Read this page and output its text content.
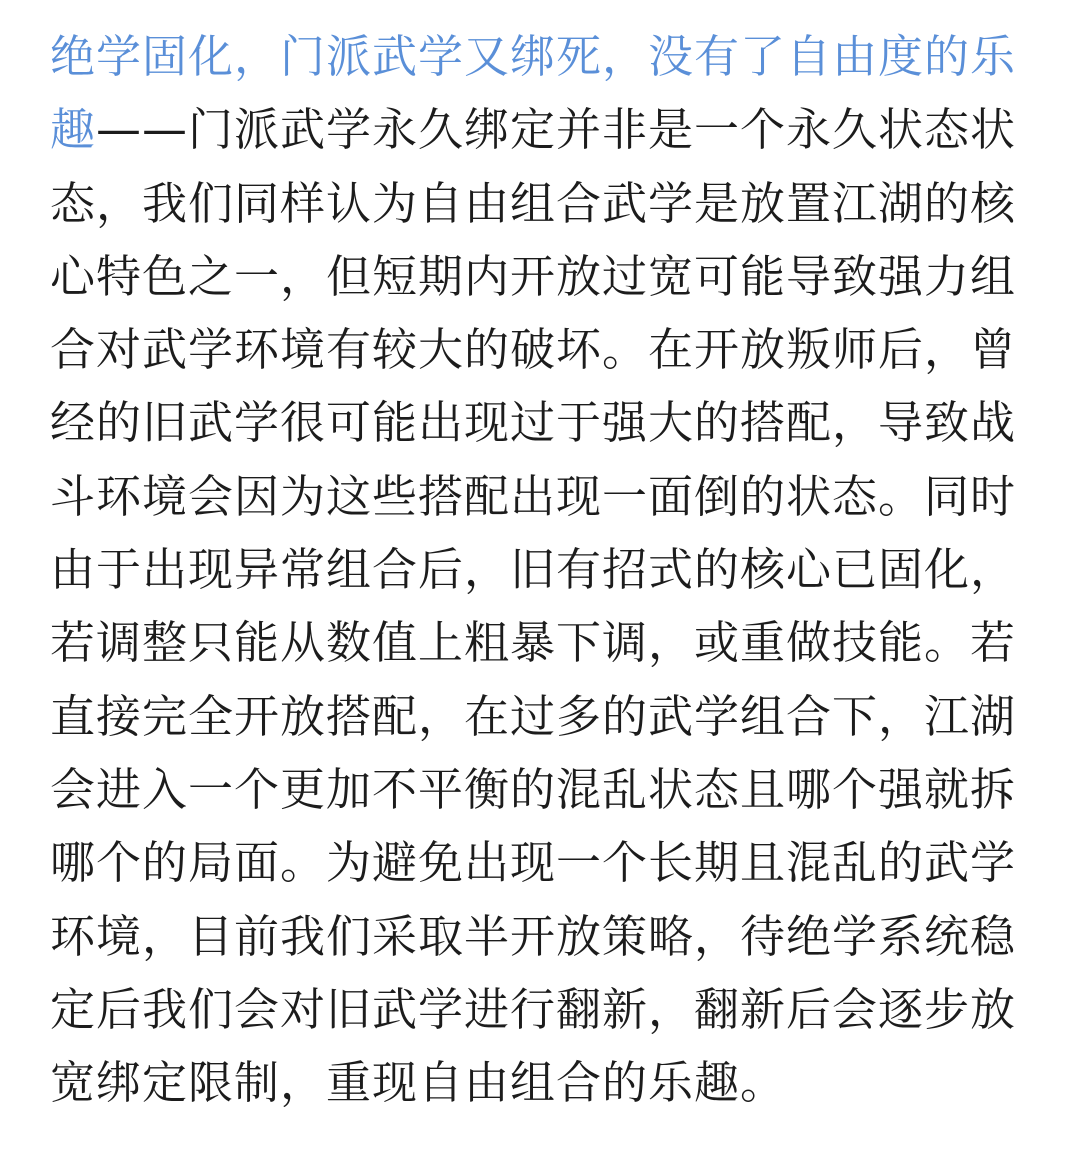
绝学固化，门派武学又绑死，没有了自由度的乐
趣——门派武学永久绑定并非是一个永久状态状
态，我们同样认为自由组合武学是放置江湖的核
心特色之一，但短期内开放过宽可能导致强力组
合对武学环境有较大的破坏。在开放叛师后，曾
经的旧武学很可能出现过于强大的搭配，导致战
斗环境会因为这些搭配出现一面倒的状态。同时
由于出现异常组合后，旧有招式的核心已固化，
若调整只能从数值上粗暴下调，或重做技能。若
直接完全开放搭配，在过多的武学组合下，江湖
会进入一个更加不平衡的混乱状态且哪个强就拆
哪个的局面。为避免出现一个长期且混乱的武学
环境，目前我们采取半开放策略，待绝学系统稳
定后我们会对旧武学进行翻新，翻新后会逐步放
宽绑定限制，重现自由组合的乐趣。
